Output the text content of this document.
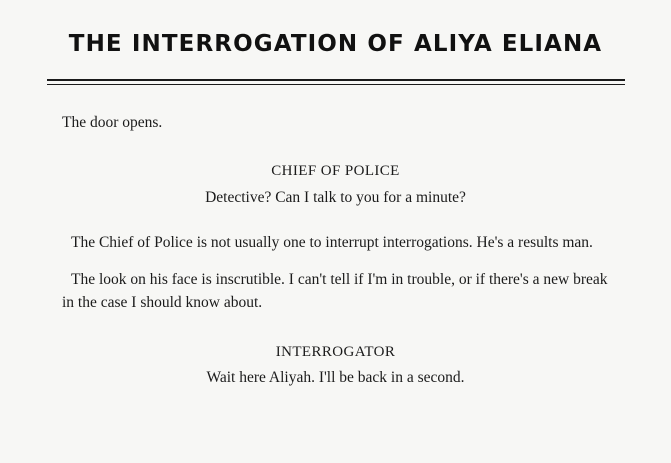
THE INTERROGATION OF ALIYA ELIANA

The door opens.

CHIEF OF POLICE

Detective? Can I talk to you for a minute?

The Chief of Police is not usually one to interrupt interrogations. He's a results man.

The look on his face is inscrutible. I can't tell if I'm in trouble, or if there's a new break in the case I should know about.

INTERROGATOR

Wait here Aliyah. I'll be back in a second.
